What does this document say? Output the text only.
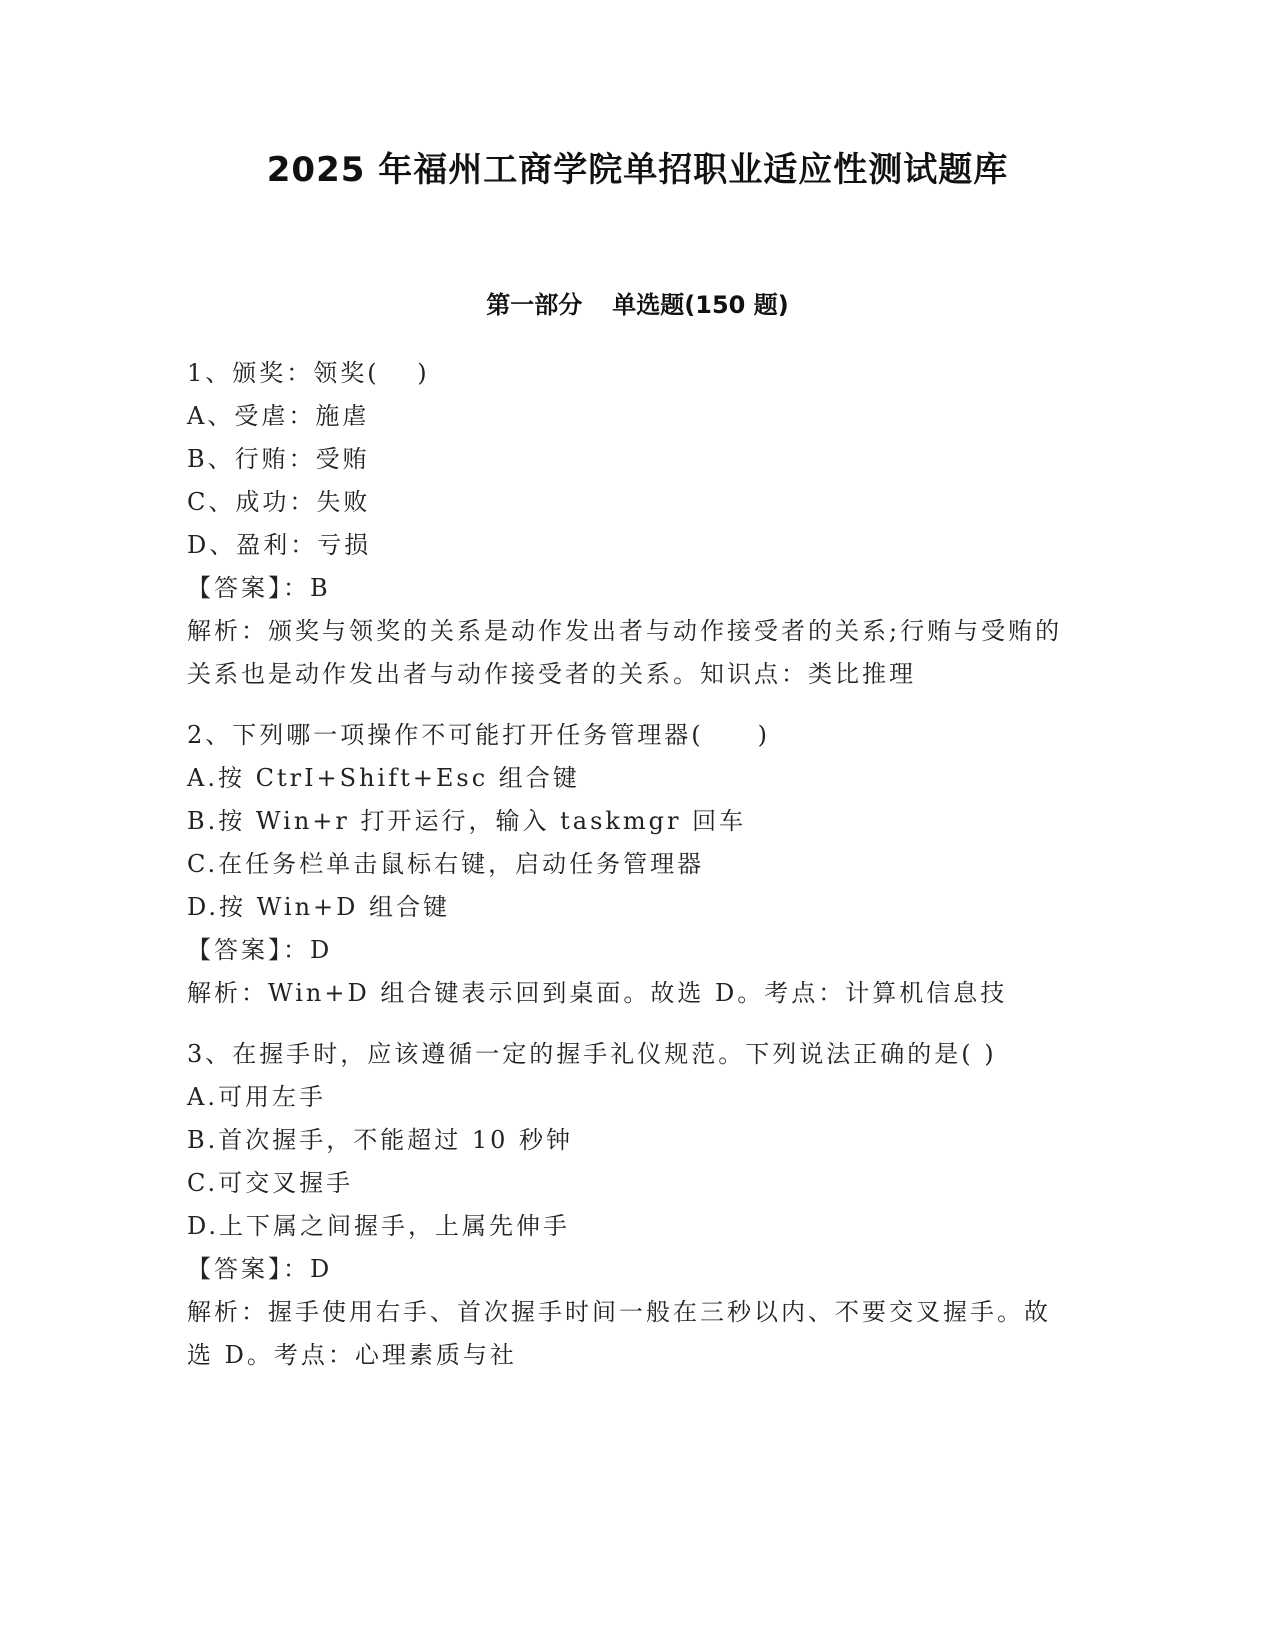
2025 年福州工商学院单招职业适应性测试题库
第一部分 单选题(150 题)
1、颁奖：领奖(　 )
A、受虐：施虐
B、行贿：受贿
C、成功：失败
D、盈利：亏损
【答案】：B
解析：颁奖与领奖的关系是动作发出者与动作接受者的关系;行贿与受贿的关系也是动作发出者与动作接受者的关系。知识点：类比推理
2、下列哪一项操作不可能打开任务管理器(　　)
A.按 CtrI+Shift+Esc 组合键
B.按 Win+r 打开运行，输入 taskmgr 回车
C.在任务栏单击鼠标右键，启动任务管理器
D.按 Win+D 组合键
【答案】：D
解析：Win+D 组合键表示回到桌面。故选 D。考点：计算机信息技
3、在握手时，应该遵循一定的握手礼仪规范。下列说法正确的是( )
A.可用左手
B.首次握手，不能超过 10 秒钟
C.可交叉握手
D.上下属之间握手，上属先伸手
【答案】：D
解析：握手使用右手、首次握手时间一般在三秒以内、不要交叉握手。故选 D。考点：心理素质与社
